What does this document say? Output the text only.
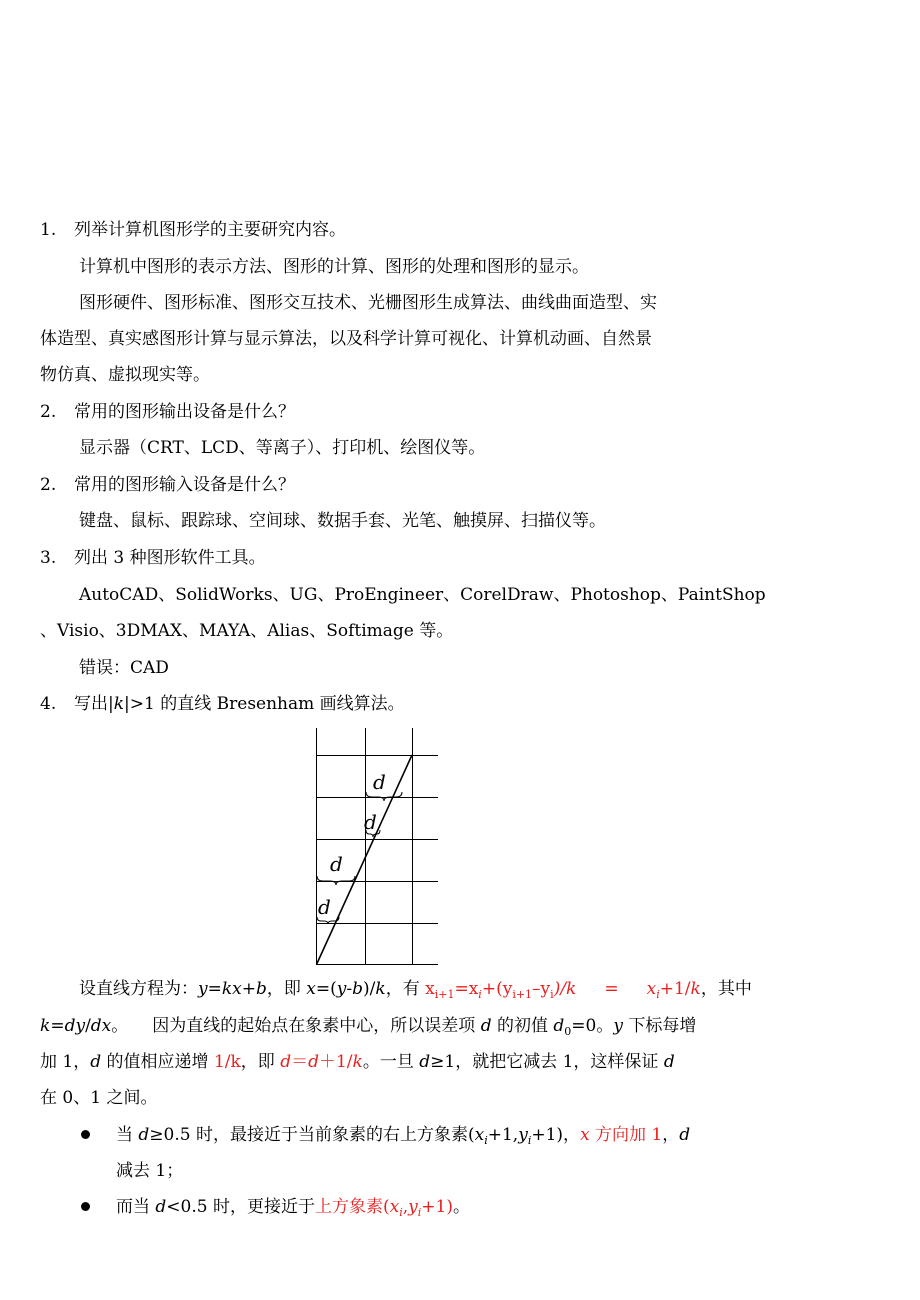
1. 列举计算机图形学的主要研究内容。
计算机中图形的表示方法、图形的计算、图形的处理和图形的显示。
图形硬件、图形标准、图形交互技术、光栅图形生成算法、曲线曲面造型、实
体造型、真实感图形计算与显示算法，以及科学计算可视化、计算机动画、自然景
物仿真、虚拟现实等。
2. 常用的图形输出设备是什么？
显示器（CRT、LCD、等离子）、打印机、绘图仪等。
2. 常用的图形输入设备是什么？
键盘、鼠标、跟踪球、空间球、数据手套、光笔、触摸屏、扫描仪等。
3. 列出 3 种图形软件工具。
AutoCAD、SolidWorks、UG、ProEngineer、CorelDraw、Photoshop、PaintShop
、Visio、3DMAX、MAYA、Alias、Softimage 等。
错误：CAD
4. 写出|k|>1 的直线 Bresenham 画线算法。
d
d
d
d
设直线方程为：y=kx+b，即 x=(y-b)/k，有 $x_{i+1}=x_i+(y_{i+1}-y_i)/k = x_i+1/k$，其中
k=dy/dx。 因为直线的起始点在象素中心，所以误差项 d 的初值 $d_0=0$。y 下标每增
加 1，d 的值相应递增 1/k，即 d＝d＋1/k。一旦 d≥1，就把它减去 1，这样保证 d
在 0、1 之间。
当 d≥0.5 时，最接近于当前象素的右上方象素$(x_i+1,y_i+1)$，x 方向加 1，d
减去 1；
而当 d<0.5 时，更接近于上方象素$(x_i,y_i+1)$。
